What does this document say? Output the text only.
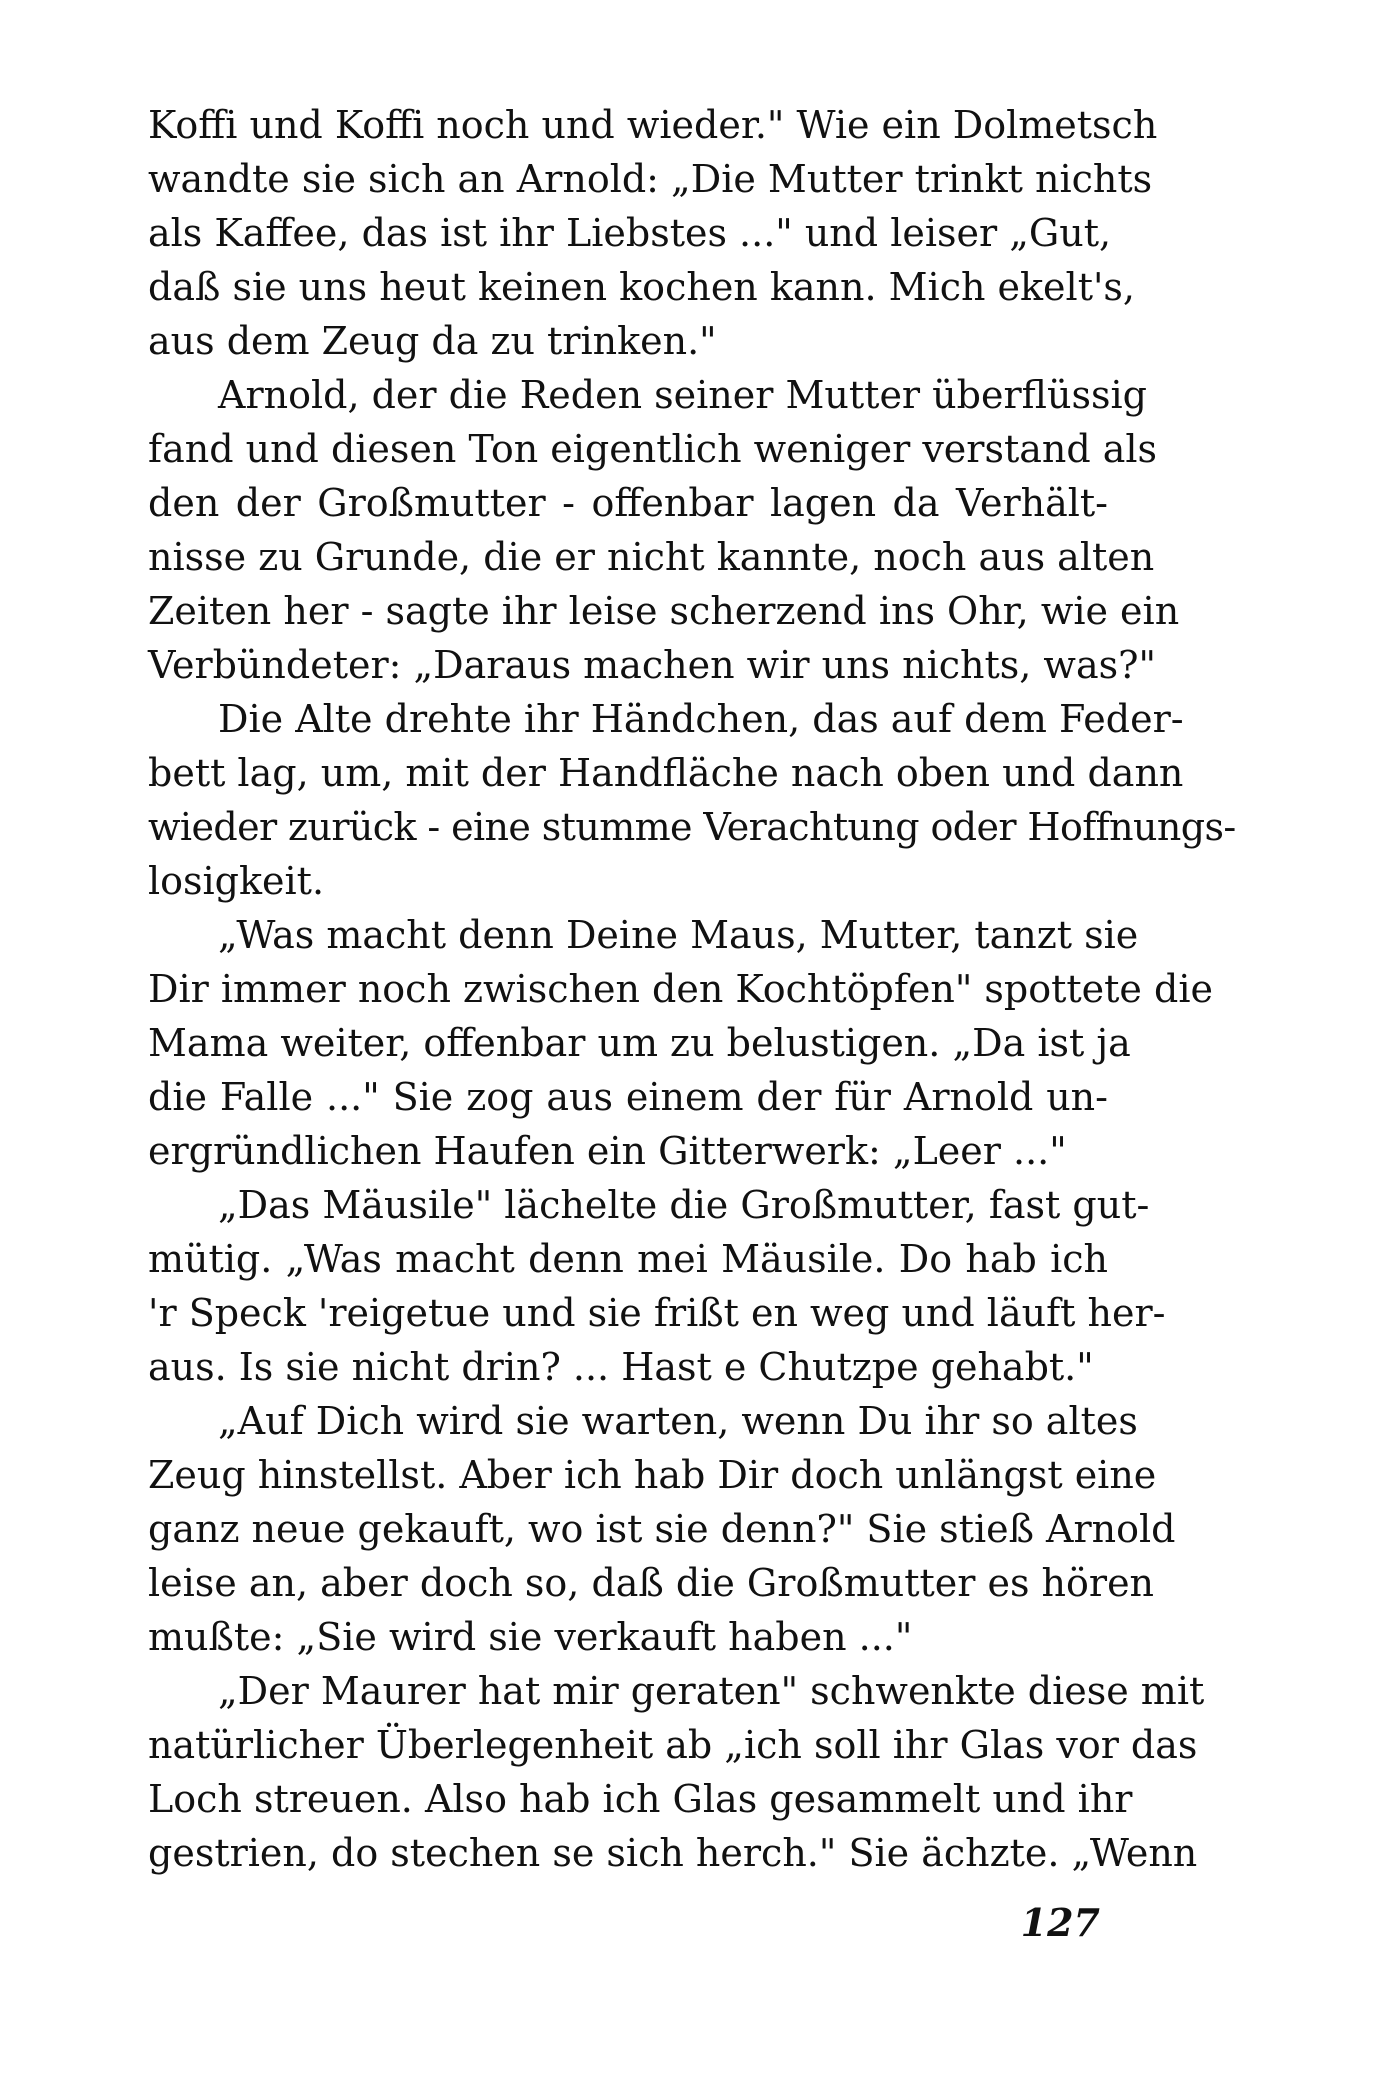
Koffi und Koffi noch und wieder." Wie ein Dolmetsch
wandte sie sich an Arnold: „Die Mutter trinkt nichts
als Kaffee, das ist ihr Liebstes ..." und leiser „Gut,
daß sie uns heut keinen kochen kann. Mich ekelt's,
aus dem Zeug da zu trinken."
Arnold, der die Reden seiner Mutter überflüssig
fand und diesen Ton eigentlich weniger verstand als
den der Großmutter - offenbar lagen da Verhält-
nisse zu Grunde, die er nicht kannte, noch aus alten
Zeiten her - sagte ihr leise scherzend ins Ohr, wie ein
Verbündeter: „Daraus machen wir uns nichts, was?"
Die Alte drehte ihr Händchen, das auf dem Feder-
bett lag, um, mit der Handfläche nach oben und dann
wieder zurück - eine stumme Verachtung oder Hoffnungs-
losigkeit.
„Was macht denn Deine Maus, Mutter, tanzt sie
Dir immer noch zwischen den Kochtöpfen" spottete die
Mama weiter, offenbar um zu belustigen. „Da ist ja
die Falle ..." Sie zog aus einem der für Arnold un-
ergründlichen Haufen ein Gitterwerk: „Leer ..."
„Das Mäusile" lächelte die Großmutter, fast gut-
mütig. „Was macht denn mei Mäusile. Do hab ich
'r Speck 'reigetue und sie frißt en weg und läuft her-
aus. Is sie nicht drin? ... Hast e Chutzpe gehabt."
„Auf Dich wird sie warten, wenn Du ihr so altes
Zeug hinstellst. Aber ich hab Dir doch unlängst eine
ganz neue gekauft, wo ist sie denn?" Sie stieß Arnold
leise an, aber doch so, daß die Großmutter es hören
mußte: „Sie wird sie verkauft haben ..."
„Der Maurer hat mir geraten" schwenkte diese mit
natürlicher Überlegenheit ab „ich soll ihr Glas vor das
Loch streuen. Also hab ich Glas gesammelt und ihr
gestrien, do stechen se sich herch." Sie ächzte. „Wenn
127
